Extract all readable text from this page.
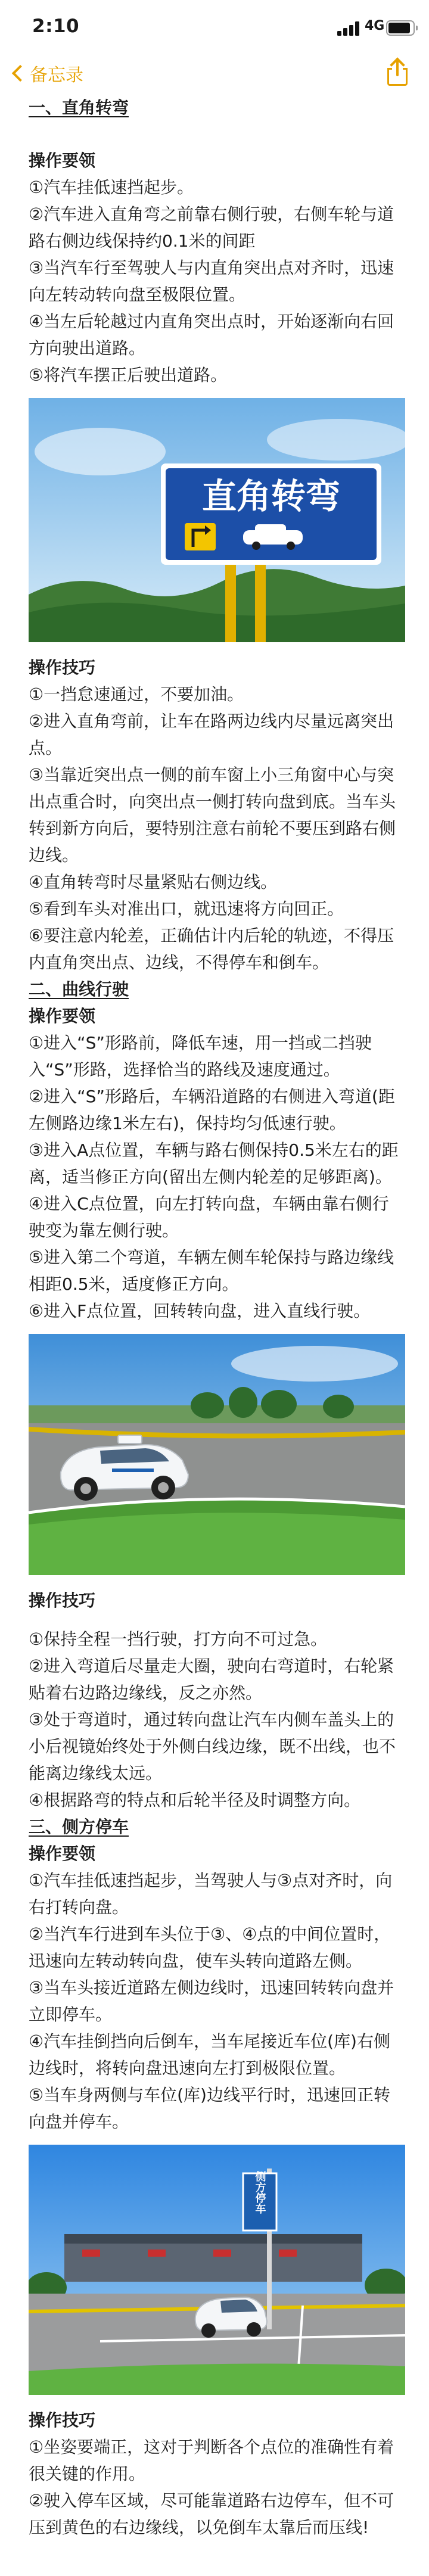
2:10	4G
备忘录
一、直角转弯
操作要领
①汽车挂低速挡起步。
②汽车进入直角弯之前靠右侧行驶，右侧车轮与道路右侧边线保持约0.1米的间距
③当汽车行至驾驶人与内直角突出点对齐时，迅速向左转动转向盘至极限位置。
④当左后轮越过内直角突出点时，开始逐渐向右回方向驶出道路。
⑤将汽车摆正后驶出道路。
直角转弯
操作技巧
①一挡怠速通过，不要加油。
②进入直角弯前，让车在路两边线内尽量远离突出点。
③当靠近突出点一侧的前车窗上小三角窗中心与突出点重合时，向突出点一侧打转向盘到底。当车头转到新方向后，要特别注意右前轮不要压到路右侧边线。
④直角转弯时尽量紧贴右侧边线。
⑤看到车头对准出口，就迅速将方向回正。
⑥要注意内轮差，正确估计内后轮的轨迹，不得压内直角突出点、边线，不得停车和倒车。
二、曲线行驶
操作要领
①进入“S”形路前，降低车速，用一挡或二挡驶入“S”形路，选择恰当的路线及速度通过。
②进入“S”形路后，车辆沿道路的右侧进入弯道(距左侧路边缘1米左右)，保持均匀低速行驶。
③进入A点位置，车辆与路右侧保持0.5米左右的距离，适当修正方向(留出左侧内轮差的足够距离)。
④进入C点位置，向左打转向盘，车辆由靠右侧行驶变为靠左侧行驶。
⑤进入第二个弯道，车辆左侧车轮保持与路边缘线相距0.5米，适度修正方向。
⑥进入F点位置，回转转向盘，进入直线行驶。
操作技巧
①保持全程一挡行驶，打方向不可过急。
②进入弯道后尽量走大圈，驶向右弯道时，右轮紧贴着右边路边缘线，反之亦然。
③处于弯道时，通过转向盘让汽车内侧车盖头上的小后视镜始终处于外侧白线边缘，既不出线，也不能离边缘线太远。
④根据路弯的特点和后轮半径及时调整方向。
三、侧方停车
操作要领
①汽车挂低速挡起步，当驾驶人与③点对齐时，向右打转向盘。
②当汽车行进到车头位于③、④点的中间位置时，迅速向左转动转向盘，使车头转向道路左侧。
③当车头接近道路左侧边线时，迅速回转转向盘并立即停车。
④汽车挂倒挡向后倒车，当车尾接近车位(库)右侧边线时，将转向盘迅速向左打到极限位置。
⑤当车身两侧与车位(库)边线平行时，迅速回正转向盘并停车。
侧方停车
操作技巧
①坐姿要端正，这对于判断各个点位的准确性有着很关键的作用。
②驶入停车区域，尽可能靠道路右边停车，但不可压到黄色的右边缘线，以免倒车太靠后而压线!
